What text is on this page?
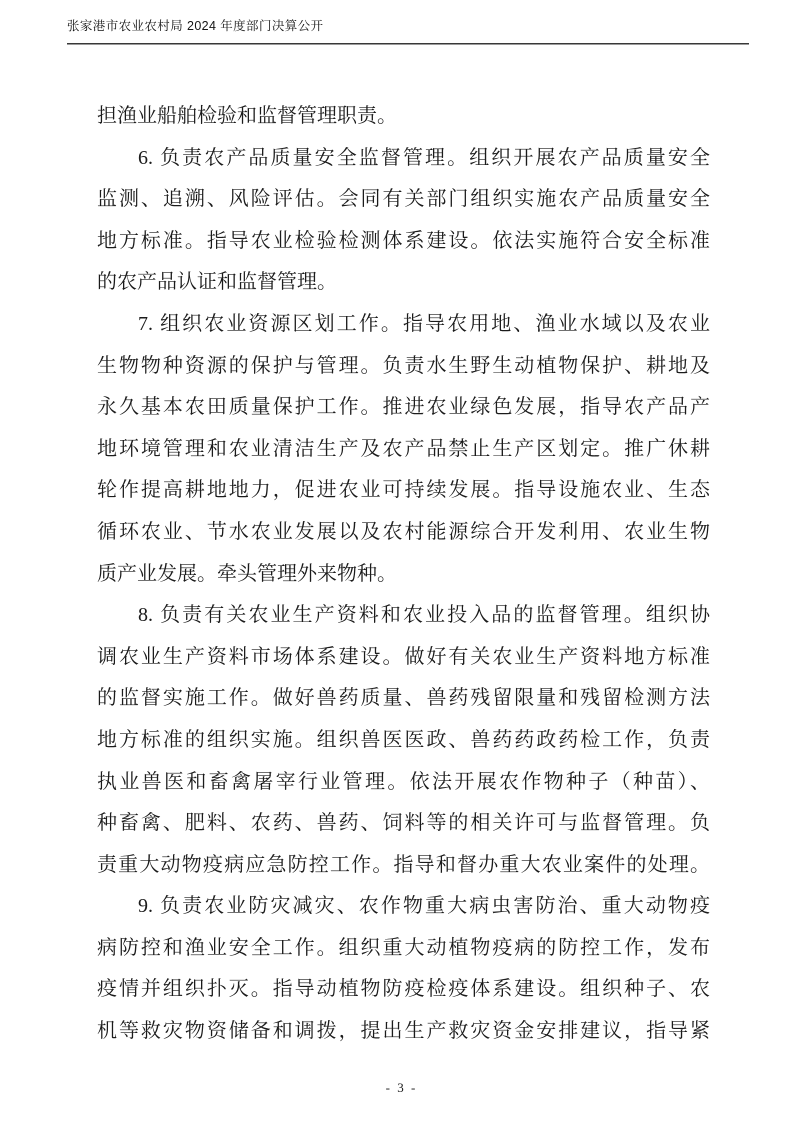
张家港市农业农村局 2024 年度部门决算公开
担渔业船舶检验和监督管理职责。
6. 负责农产品质量安全监督管理。组织开展农产品质量安全
监测、追溯、风险评估。会同有关部门组织实施农产品质量安全
地方标准。指导农业检验检测体系建设。依法实施符合安全标准
的农产品认证和监督管理。
7. 组织农业资源区划工作。指导农用地、渔业水域以及农业
生物物种资源的保护与管理。负责水生野生动植物保护、耕地及
永久基本农田质量保护工作。推进农业绿色发展，指导农产品产
地环境管理和农业清洁生产及农产品禁止生产区划定。推广休耕
轮作提高耕地地力，促进农业可持续发展。指导设施农业、生态
循环农业、节水农业发展以及农村能源综合开发利用、农业生物
质产业发展。牵头管理外来物种。
8. 负责有关农业生产资料和农业投入品的监督管理。组织协
调农业生产资料市场体系建设。做好有关农业生产资料地方标准
的监督实施工作。做好兽药质量、兽药残留限量和残留检测方法
地方标准的组织实施。组织兽医医政、兽药药政药检工作，负责
执业兽医和畜禽屠宰行业管理。依法开展农作物种子（种苗）、
种畜禽、肥料、农药、兽药、饲料等的相关许可与监督管理。负
责重大动物疫病应急防控工作。指导和督办重大农业案件的处理。
9. 负责农业防灾减灾、农作物重大病虫害防治、重大动物疫
病防控和渔业安全工作。组织重大动植物疫病的防控工作，发布
疫情并组织扑灭。指导动植物防疫检疫体系建设。组织种子、农
机等救灾物资储备和调拨，提出生产救灾资金安排建议，指导紧
- 3 -
